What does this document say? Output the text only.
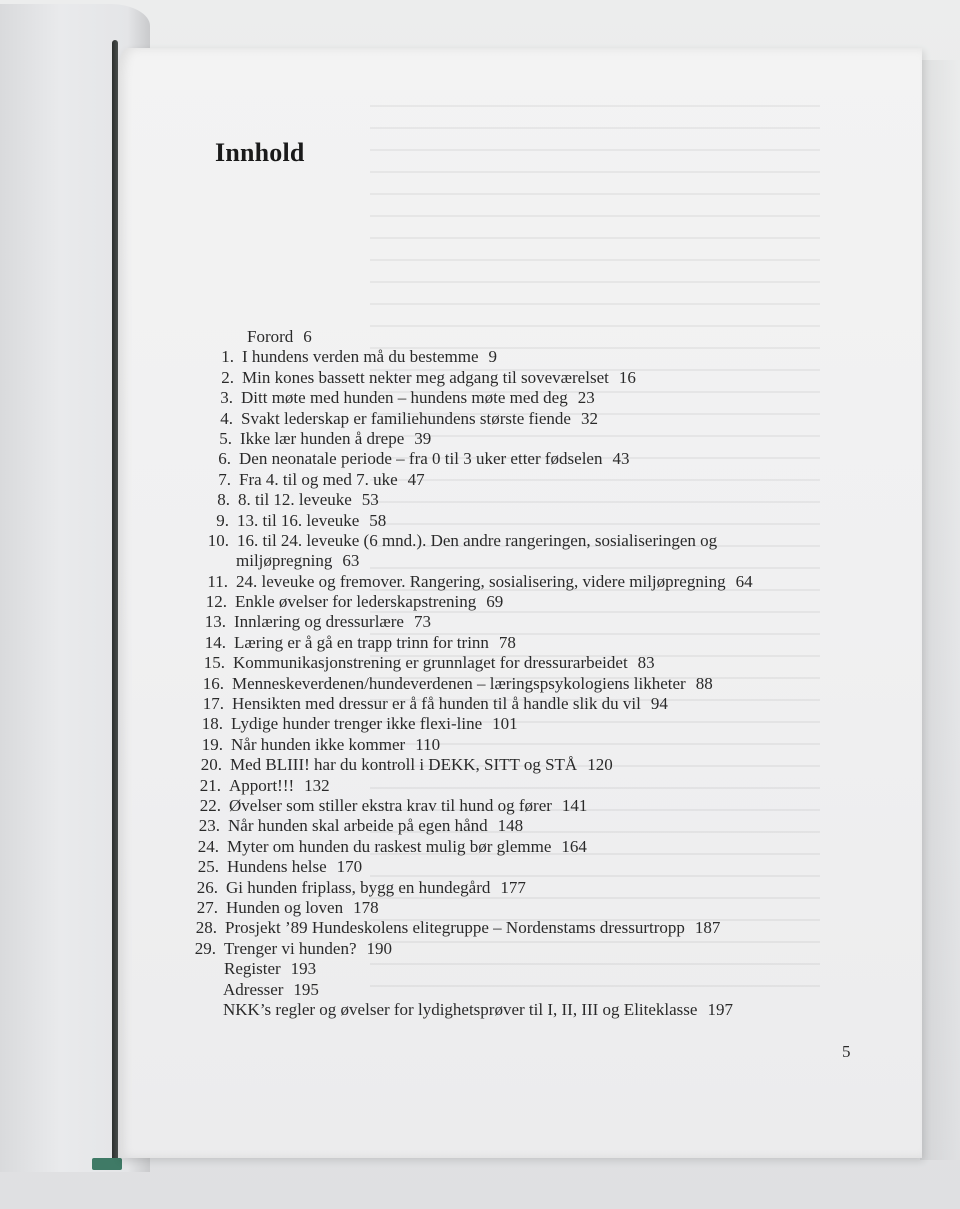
Innhold
Forord 6
1. I hundens verden må du bestemme 9
2. Min kones bassett nekter meg adgang til soveværelset 16
3. Ditt møte med hunden – hundens møte med deg 23
4. Svakt lederskap er familiehundens største fiende 32
5. Ikke lær hunden å drepe 39
6. Den neonatale periode – fra 0 til 3 uker etter fødselen 43
7. Fra 4. til og med 7. uke 47
8. 8. til 12. leveuke 53
9. 13. til 16. leveuke 58
10. 16. til 24. leveuke (6 mnd.). Den andre rangeringen, sosialiseringen og
miljøpregning 63
11. 24. leveuke og fremover. Rangering, sosialisering, videre miljøpregning 64
12. Enkle øvelser for lederskapstrening 69
13. Innlæring og dressurlære 73
14. Læring er å gå en trapp trinn for trinn 78
15. Kommunikasjonstrening er grunnlaget for dressurarbeidet 83
16. Menneskeverdenen/hundeverdenen – læringspsykologiens likheter 88
17. Hensikten med dressur er å få hunden til å handle slik du vil 94
18. Lydige hunder trenger ikke flexi-line 101
19. Når hunden ikke kommer 110
20. Med BLIII! har du kontroll i DEKK, SITT og STÅ 120
21. Apport!!! 132
22. Øvelser som stiller ekstra krav til hund og fører 141
23. Når hunden skal arbeide på egen hånd 148
24. Myter om hunden du raskest mulig bør glemme 164
25. Hundens helse 170
26. Gi hunden friplass, bygg en hundegård 177
27. Hunden og loven 178
28. Prosjekt ’89 Hundeskolens elitegruppe – Nordenstams dressurtropp 187
29. Trenger vi hunden? 190
Register 193
Adresser 195
NKK’s regler og øvelser for lydighetsprøver til I, II, III og Eliteklasse 197
5
